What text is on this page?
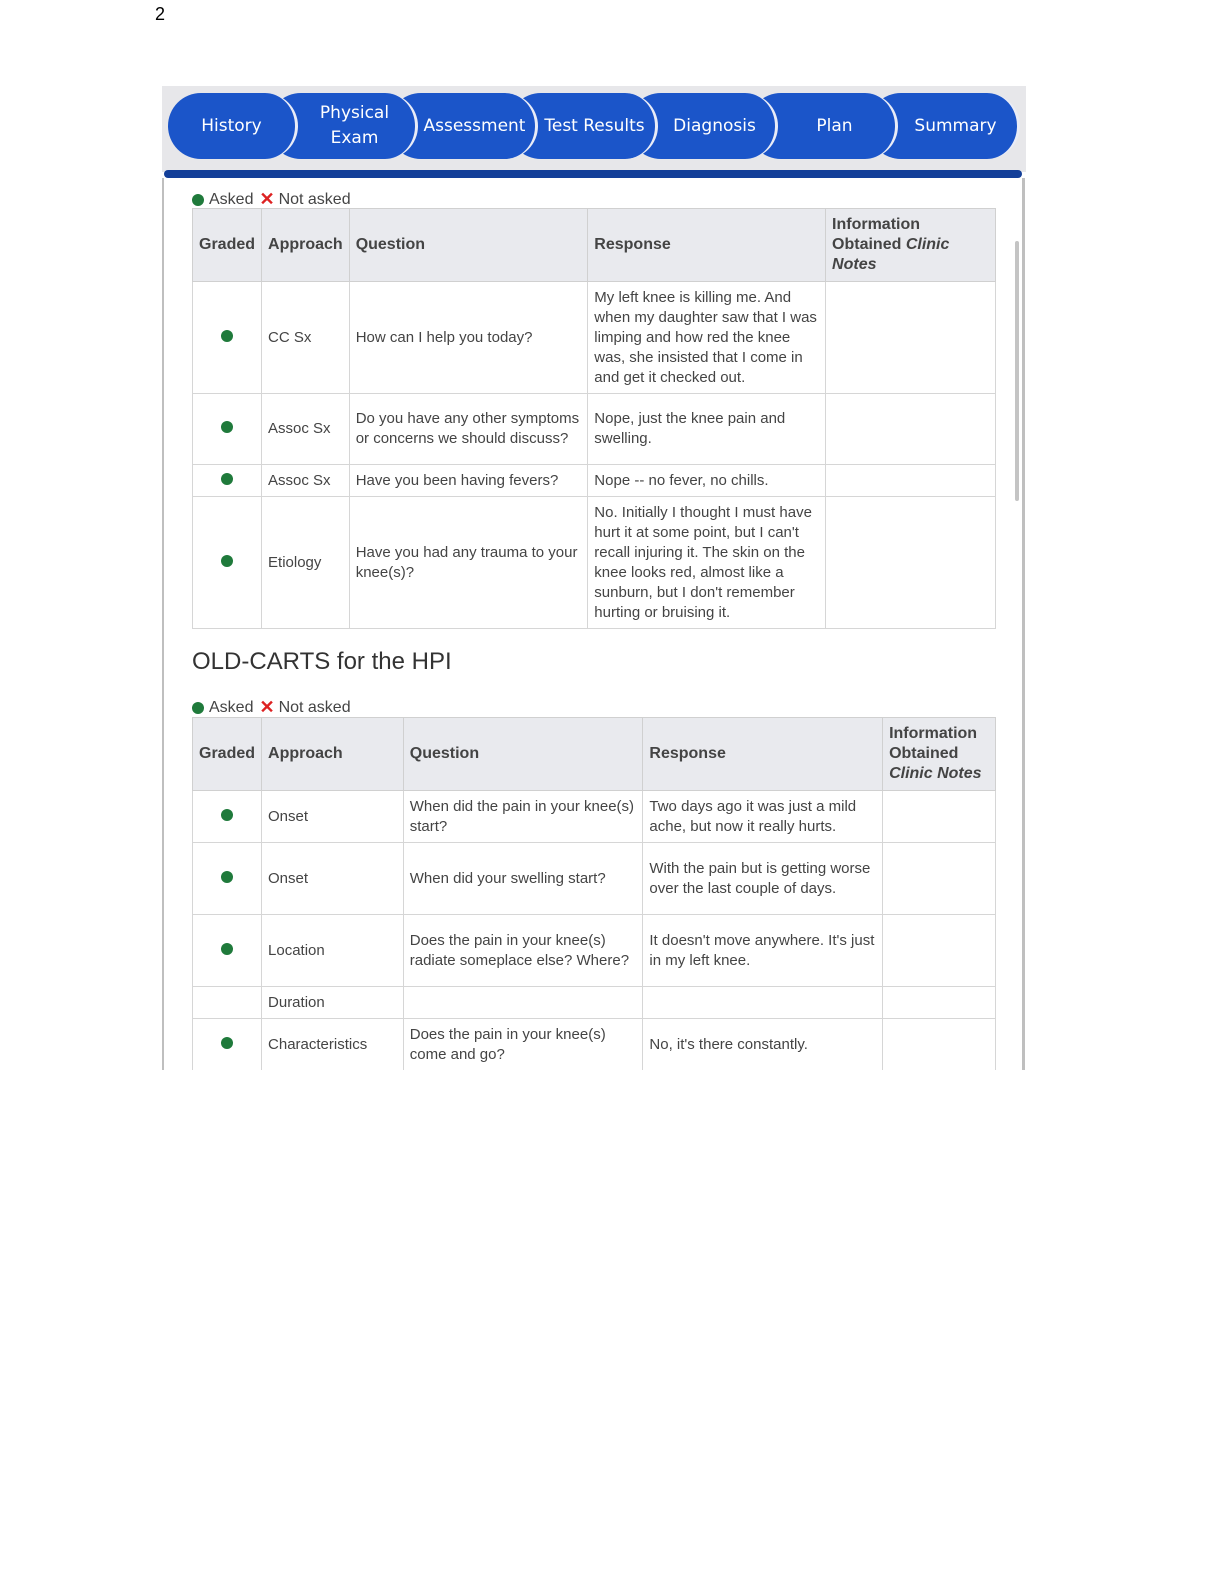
2
History
Physical Exam
Assessment Test Results Diagnosis	Plan	Summary
Asked ✕ Not asked
Graded	Approach	Question	Response	Information Obtained Clinic Notes
	CC Sx	How can I help you today?	My left knee is killing me. And when my daughter saw that I was limping and how red the knee was, she insisted that I come in and get it checked out.	
	Assoc Sx	Do you have any other symptoms or concerns we should discuss?	Nope, just the knee pain and swelling.	
	Assoc Sx	Have you been having fevers?	Nope -- no fever, no chills.	
	Etiology	Have you had any trauma to your knee(s)?	No. Initially I thought I must have hurt it at some point, but I can't recall injuring it. The skin on the knee looks red, almost like a sunburn, but I don't remember hurting or bruising it.	
OLD-CARTS for the HPI
Asked ✕ Not asked
Graded	Approach	Question	Response	Information Obtained Clinic Notes
	Onset	When did the pain in your knee(s) start?	Two days ago it was just a mild ache, but now it really hurts.	
	Onset	When did your swelling start?	With the pain but is getting worse over the last couple of days.	
	Location	Does the pain in your knee(s) radiate someplace else? Where?	It doesn't move anywhere. It's just in my left knee.	
	Duration			
	Characteristics	Does the pain in your knee(s) come and go?	No, it's there constantly.	
